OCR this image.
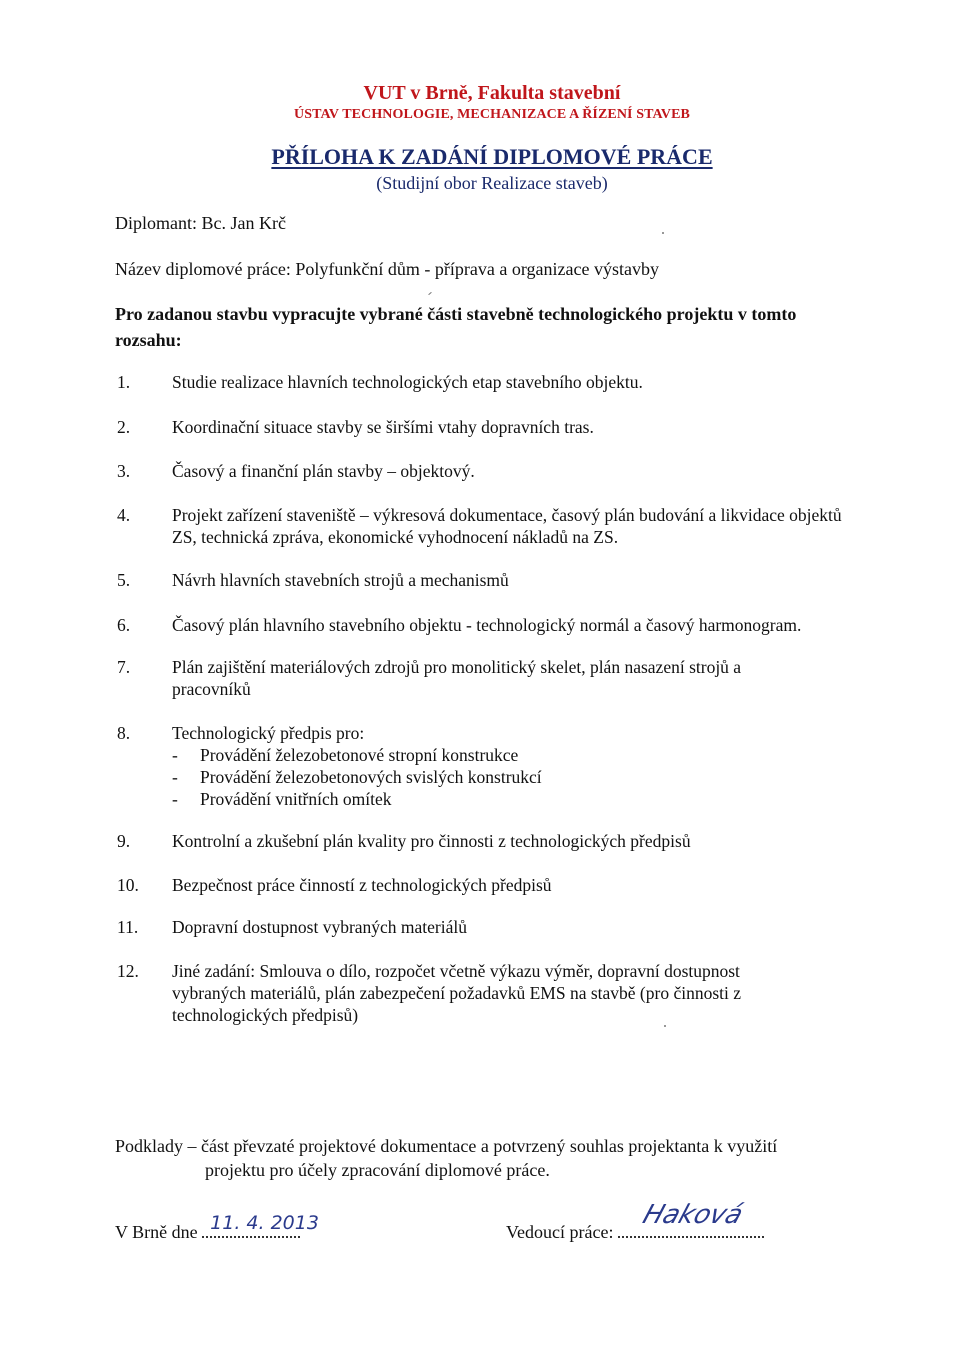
VUT v Brně, Fakulta stavební
ÚSTAV TECHNOLOGIE, MECHANIZACE A ŘÍZENÍ STAVEB
PŘÍLOHA K ZADÁNÍ DIPLOMOVÉ PRÁCE
(Studijní obor Realizace staveb)
Diplomant: Bc. Jan Krč
Název diplomové práce: Polyfunkční dům - příprava a organizace výstavby
Pro zadanou stavbu vypracujte vybrané části stavebně technologického projektu v tomto rozsahu:
1. Studie realizace hlavních technologických etap stavebního objektu.
2. Koordinační situace stavby se širšími vtahy dopravních tras.
3. Časový a finanční plán stavby – objektový.
4. Projekt zařízení staveniště – výkresová dokumentace, časový plán budování a likvidace objektů ZS, technická zpráva, ekonomické vyhodnocení nákladů na ZS.
5. Návrh hlavních stavebních strojů a mechanismů
6. Časový plán hlavního stavebního objektu - technologický normál a časový harmonogram.
7. Plán zajištění materiálových zdrojů pro monolitický skelet, plán nasazení strojů a pracovníků
8. Technologický předpis pro:
- Provádění železobetonové stropní konstrukce
- Provádění železobetonových svislých konstrukcí
- Provádění vnitřních omítek
9. Kontrolní a zkušební plán kvality pro činnosti z technologických předpisů
10. Bezpečnost práce činností z technologických předpisů
11. Dopravní dostupnost vybraných materiálů
12. Jiné zadání: Smlouva o dílo, rozpočet včetně výkazu výměr, dopravní dostupnost vybraných materiálů, plán zabezpečení požadavků EMS na stavbě (pro činnosti z technologických předpisů)
Podklady – část převzaté projektové dokumentace a potvrzený souhlas projektanta k využití
projektu pro účely zpracování diplomové práce.
V Brně dne 11. 4. 2013	Vedoucí práce:
Haková
